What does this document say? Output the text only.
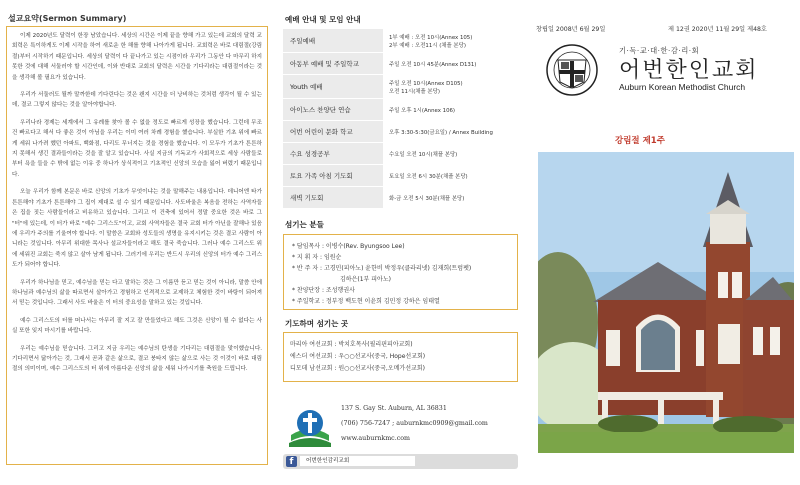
설교요약(Sermon Summary)

이제 2020년도 달력이 한장 남았습니다. 세상의 시간은 이제 끝을 향해 가고 있는데 교회의 달력 교회력은 특이하게도 이제 시작을 하여 새로운 한 해를 향해 나아가게 됩니다. 교회력은 바로 대림절(강림절)부터 시작하기 때문입니다. 세상의 달력이 다 끝나가고 있는 시점이라 우리가 그동안 다 마무리 하지 못한 것에 대해 서둘러야 할 시간인데, 이와 반대로 교회의 달력은 시간을 기다리라는 대림절이라는 것을 생각해 볼 필요가 있습니다.

우리가 서둘러도 될까 말까한데 기다린다는 것은 왠지 시간을 더 낭비하는 것처럼 생각이 될 수 있는데, 결코 그렇지 않다는 것을 알아야합니다.

우리나라 경제는 세계에서 그 유례를 찾아 볼 수 없을 정도로 빠르게 성장을 했습니다. 그런데 무조건 빠르다고 해서 다 좋은 것이 아님을 우리는 이미 여러 차례 경험을 했습니다. 부실한 기초 위에 빠르게 세워 나가려 했던 아파트, 백화점, 다리도 무너지는 것을 경험을 했습니다. 이 모두가 기초가 튼튼하지 못해서 생긴 결과들이라는 것을 잘 알고 있습니다. 사실 지금의 기독교가 사회적으로 세상 사람들로부터 욕을 들을 수 밖에 없는 이유 중 하나가 상식적이고 기초적인 신앙의 모습을 잃어 버렸기 때문입니다.

오늘 우리가 함께 본문은 바로 신앙의 기초가 무엇이냐는 것을 말해주는 내용입니다. 데니어엔 타가 튼튼해야 기초가 튼튼해야 그 집이 제대로 설 수 있기 때문입니다. 사도바울은 복음을 전하는 사역자들은 집을 짓는 사람들이라고 비유하고 있습니다. 그리고 이 건축에 있어서 정말 중요한 것은 바로 그 "터"에 있는데, 이 터가 바로 "예수 그리스도"이고, 교회 사역자들은 결국 교회 터가 아닌을 잘해나 있음에 우리가 주의를 기울여야 합니다. 이 말씀은 교회와 성도들의 생명을 유지시키는 것은 결코 사람이 아니라는 것입니다. 아무리 위대한 목사나 설교자들이라고 해도 결국 죽습니다. 그러나 예수 그리스도 위에 세워진 교회는 죽지 않고 살아 남게 됩니다. 그러기에 우리는 반드시 우리의 신앙의 터가 예수 그리스도가 되어야 합니다.

우리가 하나님을 믿고, 예수님을 믿는 다고 말하는 것은 그 이름만 듣고 믿는 것이 아니라, 말씀 안에 하나님과 예수님의 삶을 따르면서 살아가고 경험하고 인격적으로 교제하고 체험한 것이 바탕이 되어져서 믿는 것입니다. 그래서 사도 바울은 이 터의 중요성을 말하고 있는 것입니다.

예수 그리스도의 터를 떠나서는 아무리 잘 지고 잘 만들었다고 해도 그것은 신앙이 될 수 없다는 사실 또한 잊지 마시기를 바랍니다.

우리는 예수님을 믿습니다. 그리고 지금 우리는 예수님의 탄생을 기다리는 대림절을 맞이했습니다. 기다리면서 닮아가는 것, 그래서 곧과 같은 삶으로, 결코 붕타지 않는 삶으로 사는 것 이것이 바로 대림절의 의미이며, 예수 그리스도의 터 위에 아름다운 신앙의 삶을 세워 나가시기를 축원을 드립니다.

예배 안내 및 모임 안내
주일예배	1부 예배 : 오전 10시(Annex 105)
2부 예배 : 오전11시 (채플 본당)
아동부 예배 및 주일학교	주일 오전 10시 45분(Annex D131)
Youth 예배	주일 오전 10시(Annex D105)
오전 11시(채플 본당)
아이노스 찬양단 연습	주일 오후 1시(Annex 106)
어번 어린이 문화 학교	오후 3:30-5:30(금요일) / Annex Building
수요 성경공부	수요일 오전 10시(채플 본당)
토요 가족 아침 기도회	토요일 오전 6시 30분(채플 본당)
새벽 기도회	화-금 오전 5시 30분(채플 본당)
섬기는 분들
* 담임목사 : 이병수(Rev. Byungsoo Lee)
* 지 휘 자 : 임원순
* 반 주 자 : 고경민(피아노) 윤한비 박정우(클라리넷) 김재희(트럼펫)
김하은(1부 피아노)
* 찬양단장 : 조성행권사
* 주일학교 : 정부정 백도현 이윤희 김민정 강하은 임태열
기도하며 섬기는 곳
마리아 여선교회 : 박치호목사(필리핀피아교회)
에스더 여선교회 : 우○○선교사(중국, Hope선교회)
디모데 남선교회 : 원○○선교사(중국,오메가선교회)
137 S. Gay St. Auburn, AL 36831
(706) 756-7247 ; auburnkmc0909@gmail.com
www.auburnkmc.com
f	어번한인감리교회
창립일 2008년 6월 29일	제 12권 2020년 11월 29일 제48호
기·독·교·대·한·감·리·회
어번한인교회
Auburn Korean Methodist Church
강림절 제1주
